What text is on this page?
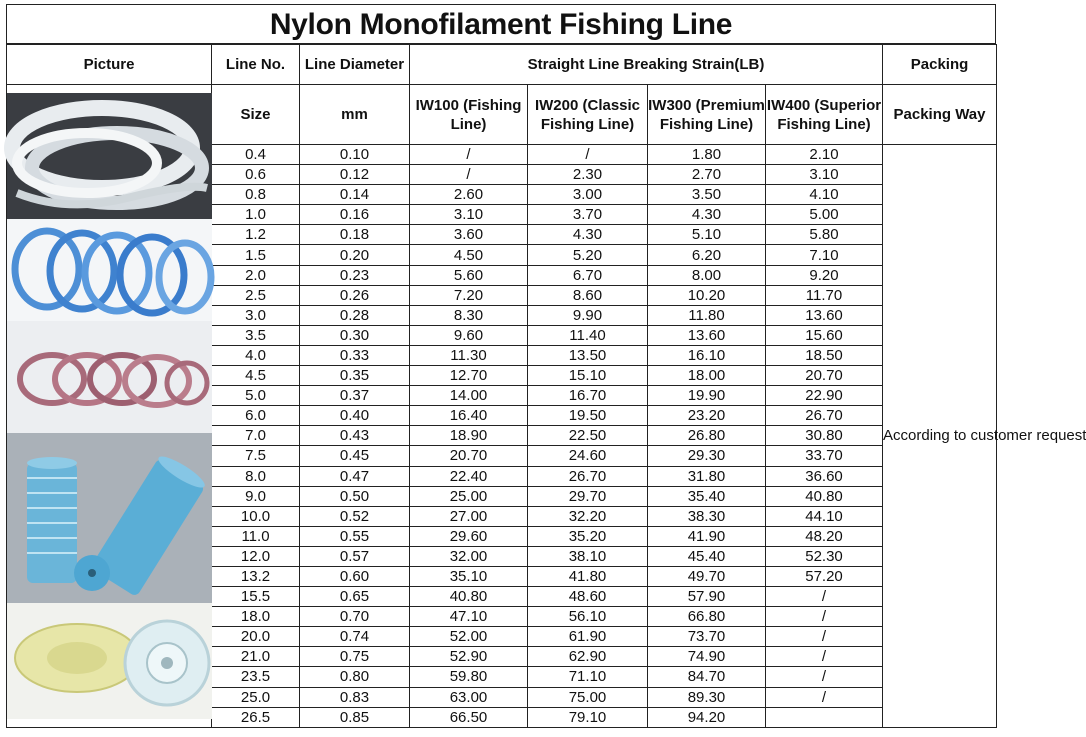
Nylon Monofilament Fishing Line
Picture	Line No.	Line Diameter	Straight Line Breaking Strain(LB)				Packing

	Size	mm	IW100 (Fishing Line)	IW200 (Classic Fishing Line)	IW300 (Premium Fishing Line)	IW400 (Superior Fishing Line)	Packing Way
	0.4	0.10	/	/	1.80	2.10	According to customer request
	0.6	0.12	/	2.30	2.70	3.10	
	0.8	0.14	2.60	3.00	3.50	4.10	
	1.0	0.16	3.10	3.70	4.30	5.00	
	1.2	0.18	3.60	4.30	5.10	5.80	
	1.5	0.20	4.50	5.20	6.20	7.10	
	2.0	0.23	5.60	6.70	8.00	9.20	
	2.5	0.26	7.20	8.60	10.20	11.70	
	3.0	0.28	8.30	9.90	11.80	13.60	
	3.5	0.30	9.60	11.40	13.60	15.60	
	4.0	0.33	11.30	13.50	16.10	18.50	
	4.5	0.35	12.70	15.10	18.00	20.70	
	5.0	0.37	14.00	16.70	19.90	22.90	
	6.0	0.40	16.40	19.50	23.20	26.70	
	7.0	0.43	18.90	22.50	26.80	30.80	
	7.5	0.45	20.70	24.60	29.30	33.70	
	8.0	0.47	22.40	26.70	31.80	36.60	
	9.0	0.50	25.00	29.70	35.40	40.80	
	10.0	0.52	27.00	32.20	38.30	44.10	
	11.0	0.55	29.60	35.20	41.90	48.20	
	12.0	0.57	32.00	38.10	45.40	52.30	
	13.2	0.60	35.10	41.80	49.70	57.20	
	15.5	0.65	40.80	48.60	57.90	/	
	18.0	0.70	47.10	56.10	66.80	/	
	20.0	0.74	52.00	61.90	73.70	/	
	21.0	0.75	52.90	62.90	74.90	/	
	23.5	0.80	59.80	71.10	84.70	/	
	25.0	0.83	63.00	75.00	89.30	/	
	26.5	0.85	66.50	79.10	94.20		
